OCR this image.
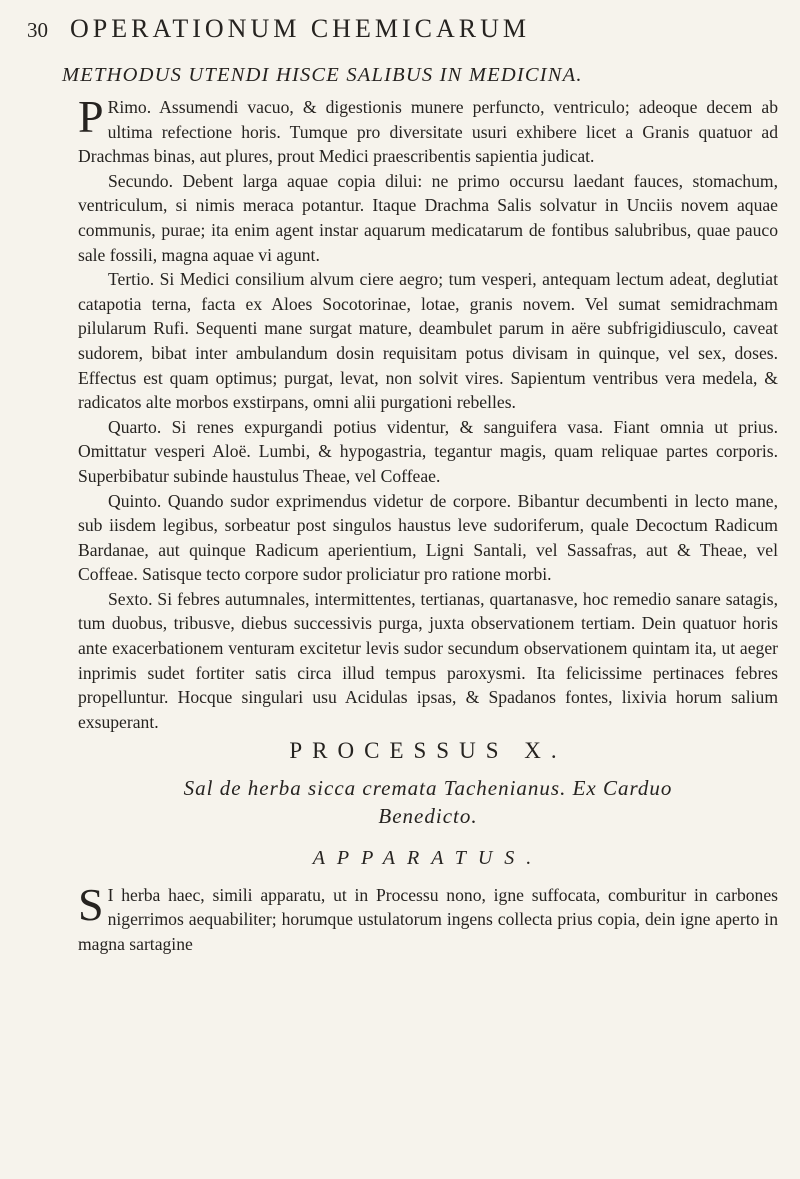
30 OPERATIONUM CHEMICARUM
METHODUS UTENDI HISCE SALIBUS IN MEDICINA.

P Rimo. Assumendi vacuo, & digestionis munere perfuncto, ventriculo; adeoque decem ab ultima refectione horis. Tumque pro diversitate usuri exhibere licet a Granis quatuor ad Drachmas binas, aut plures, prout Medici praescribentis sapientia judicat.

Secundo. Debent larga aquae copia dilui: ne primo occursu laedant fauces, stomachum, ventriculum, si nimis meraca potantur. Itaque Drachma Salis solvatur in Unciis novem aquae communis, purae; ita enim agent instar aquarum medicatarum de fontibus salubribus, quae pauco sale fossili, magna aquae vi agunt.

Tertio. Si Medici consilium alvum ciere aegro; tum vesperi, antequam lectum adeat, deglutiat catapotia terna, facta ex Aloes Socotorinae, lotae, granis novem. Vel sumat semidrachmam pilularum Rufi. Sequenti mane surgat mature, deambulet parum in aëre subfrigidiusculo, caveat sudorem, bibat inter ambulandum dosin requisitam potus divisam in quinque, vel sex, doses. Effectus est quam optimus; purgat, levat, non solvit vires. Sapientum ventribus vera medela, & radicatos alte morbos exstirpans, omni alii purgationi rebelles.

Quarto. Si renes expurgandi potius videntur, & sanguifera vasa. Fiant omnia ut prius. Omittatur vesperi Aloë. Lumbi, & hypogastria, tegantur magis, quam reliquae partes corporis. Superbibatur subinde haustulus Theae, vel Coffeae.

Quinto. Quando sudor exprimendus videtur de corpore. Bibantur decumbenti in lecto mane, sub iisdem legibus, sorbeatur post singulos haustus leve sudoriferum, quale Decoctum Radicum Bardanae, aut quinque Radicum aperientium, Ligni Santali, vel Sassafras, aut & Theae, vel Coffeae. Satisque tecto corpore sudor proliciatur pro ratione morbi.

Sexto. Si febres autumnales, intermittentes, tertianas, quartanasve, hoc remedio sanare satagis, tum duobus, tribusve, diebus successivis purga, juxta observationem tertiam. Dein quatuor horis ante exacerbationem venturam excitetur levis sudor secundum observationem quintam ita, ut aeger inprimis sudet fortiter satis circa illud tempus paroxysmi. Ita felicissime pertinaces febres propelluntur. Hocque singulari usu Acidulas ipsas, & Spadanos fontes, lixivia horum salium exsuperant.

PROCESSUS X.
Sal de herba sicca cremata Tachenianus. Ex Carduo
Benedicto.
APPARATUS.

S I herba haec, simili apparatu, ut in Processu nono, igne suffocata, comburitur in carbones nigerrimos aequabiliter; horumque ustulatorum ingens collecta prius copia, dein igne aperto in magna sartagine
